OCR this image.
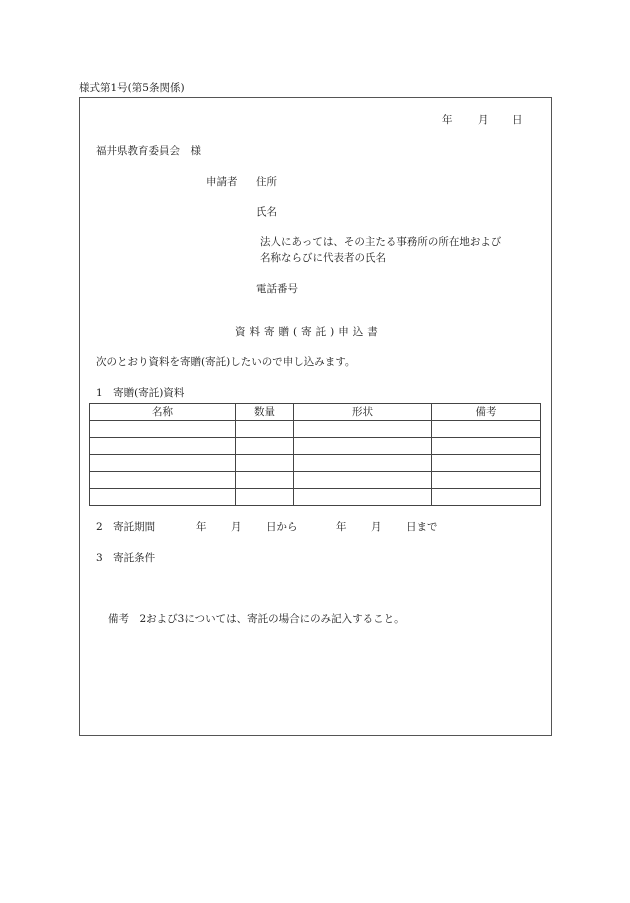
様式第1号(第5条関係)
年 月 日
福井県教育委員会　様
申請者 住所
氏名
法人にあっては、その主たる事務所の所在地および
名称ならびに代表者の氏名
電話番号
資料寄贈(寄託)申込書
次のとおり資料を寄贈(寄託)したいので申し込みます。
1　寄贈(寄託)資料
名称	数量	形状	備考

2　寄託期間	年 月 日から	年 月 日まで
3　寄託条件
備考　2および3については、寄託の場合にのみ記入すること。
